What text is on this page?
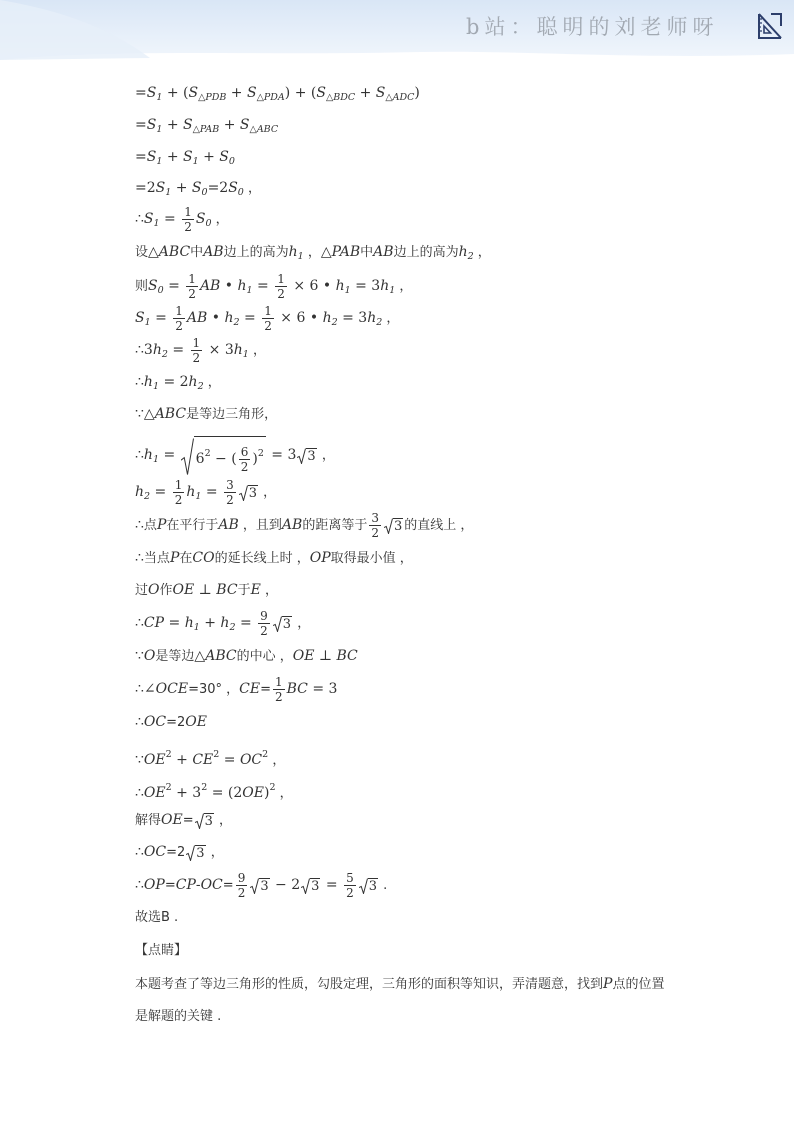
b站：聪明的刘老师呀
$=S_1 + (S_{\triangle PDB} + S_{\triangle PDA}) + (S_{\triangle BDC} + S_{\triangle ADC})$
$=S_1 + S_{\triangle PAB} + S_{\triangle ABC}$
$=S_1 + S_1 + S_0$
$=2S_1 + S_0=2S_0$ ，
$\therefore S_1 = \frac{1}{2} S_0$ ，
设△ABC中AB边上的高为$h_1$ ，△PAB中AB边上的高为$h_2$ ，
则$S_0 = \frac{1}{2}$ AB • $h_1 = \frac{1}{2} \times 6$ • $h_1 = 3h_1$ ，
$S_1 = \frac{1}{2}$ AB • $h_2 = \frac{1}{2} \times 6$ • $h_2 = 3h_2$ ，
$\therefore 3h_2 = \frac{1}{2} \times 3h_1$ ，
$\therefore h_1 = 2h_2$ ，
∵△ABC是等边三角形，
$\therefore h_1 = 6^2$ − ( $\frac{6}{2} )^2 = 3$ 3 ，
$h_2 = \frac{1}{2} h_1 = \frac{3}{2} 3$ ，
∴点P在平行于AB ，且到AB的距离等于 $\frac{3}{2} 3$ 的直线上 ，
∴当点P在CO的延长线上时 ，OP取得最小值 ，
过O作OE ⊥ BC于E ，
∴CP = $h_1 + h_2 = \frac{9}{2} 3$ ，
∵O是等边△ABC的中心 ，OE ⊥ BC
∴∠OCE=30° ，$CE= \frac{1}{2}$ BC = 3
∴OC=2OE
$\because OE^2 + CE^2 = OC^2$ ，
$\therefore OE^2 + 3^2 = (2OE)^2$ ，
解得OE= 3 ，
∴OC=2 3 ，
∴OP=CP-OC= $\frac{9}{2} 3 - 2$ $3 = \frac{5}{2} 3$ .
故选B .
【点睛】
本题考查了等边三角形的性质，勾股定理，三角形的面积等知识，弄清题意，找到P点的位置
是解题的关键 .
